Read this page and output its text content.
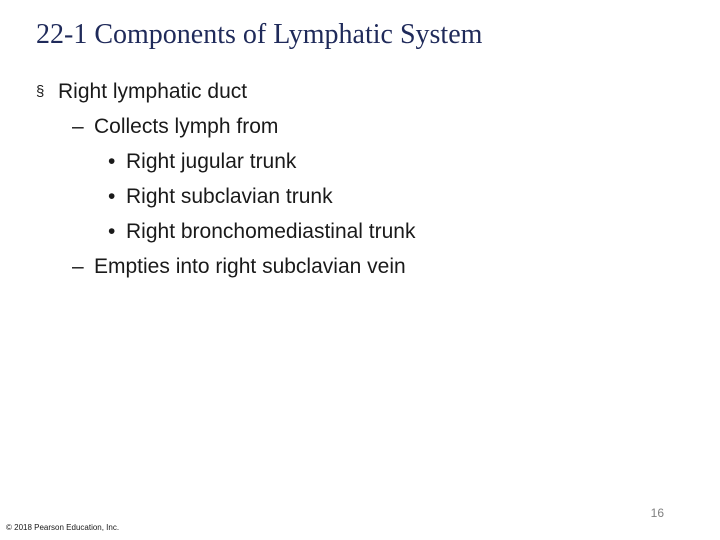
22-1 Components of Lymphatic System
§ Right lymphatic duct
– Collects lymph from
• Right jugular trunk
• Right subclavian trunk
• Right bronchomediastinal trunk
– Empties into right subclavian vein
16
© 2018 Pearson Education, Inc.
